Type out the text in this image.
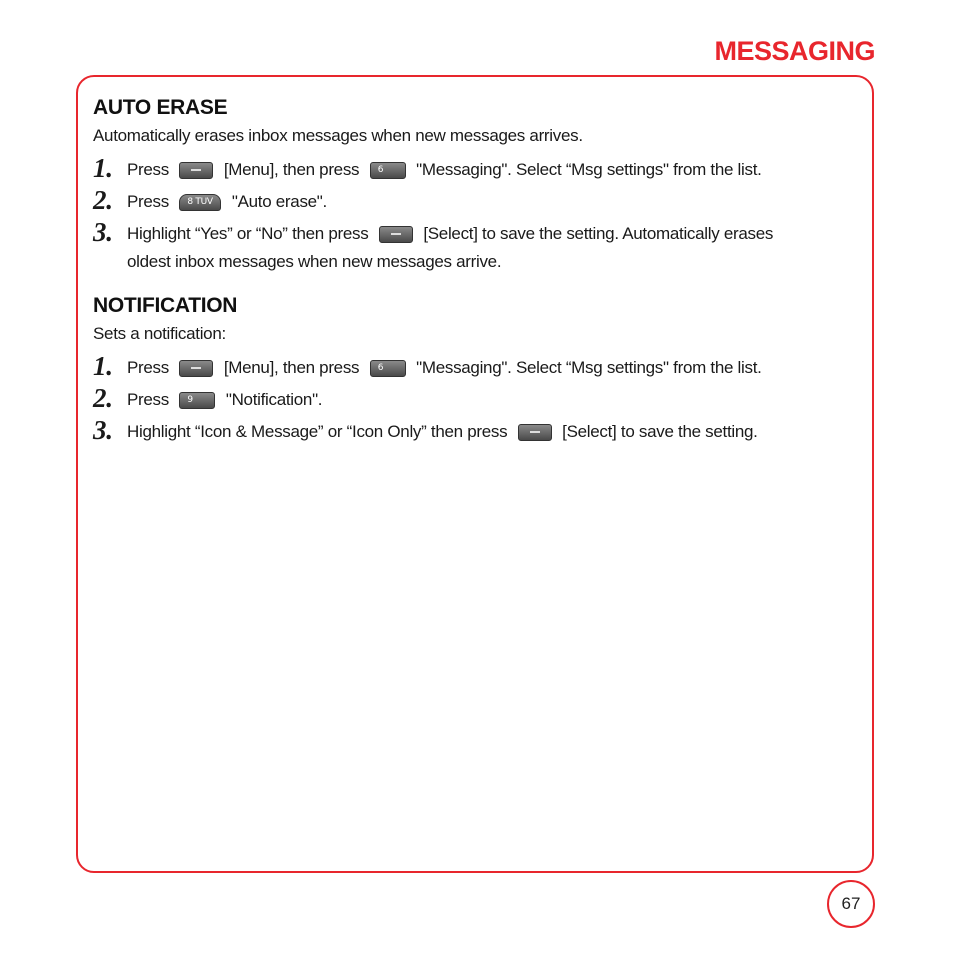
MESSAGING
AUTO ERASE
Automatically erases inbox messages when new messages arrives.
1. Press	[Menu], then press 6 MNO
"Messaging". Select “Msg settings" from the list.
2. Press 8 TUV "Auto erase".
3. Highlight “Yes” or “No” then press	[Select] to save the setting. Automatically erases
oldest inbox messages when new messages arrive.
NOTIFICATION
Sets a notification:
1. Press	[Menu], then press 6 MNO
"Messaging". Select “Msg settings" from the list.
2. Press 9 WXYZ
"Notification".
3. Highlight “Icon & Message” or “Icon Only” then press	[Select] to save the setting.
67
